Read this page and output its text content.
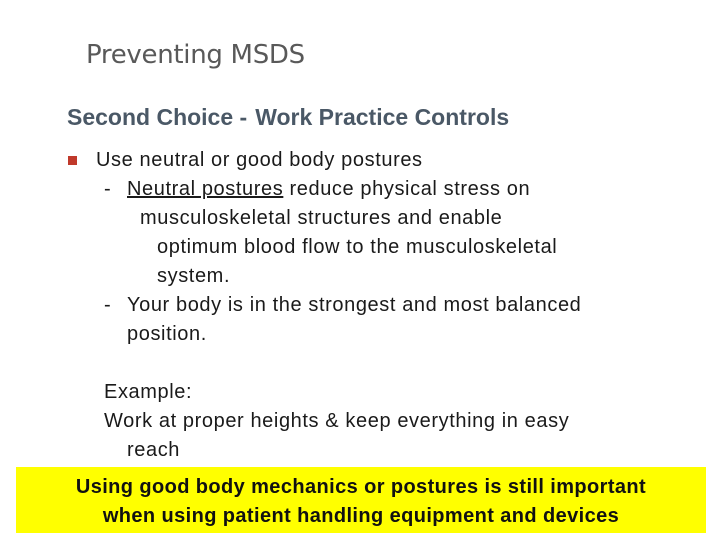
Preventing MSDS
Second Choice - Work Practice Controls
Use neutral or good body postures
- Neutral postures reduce physical stress on
musculoskeletal structures and enable
optimum blood flow to the musculoskeletal
system.
- Your body is in the strongest and most balanced
position.
Example:
Work at proper heights & keep everything in easy
reach
Using good body mechanics or postures is still important
when using patient handling equipment and devices
